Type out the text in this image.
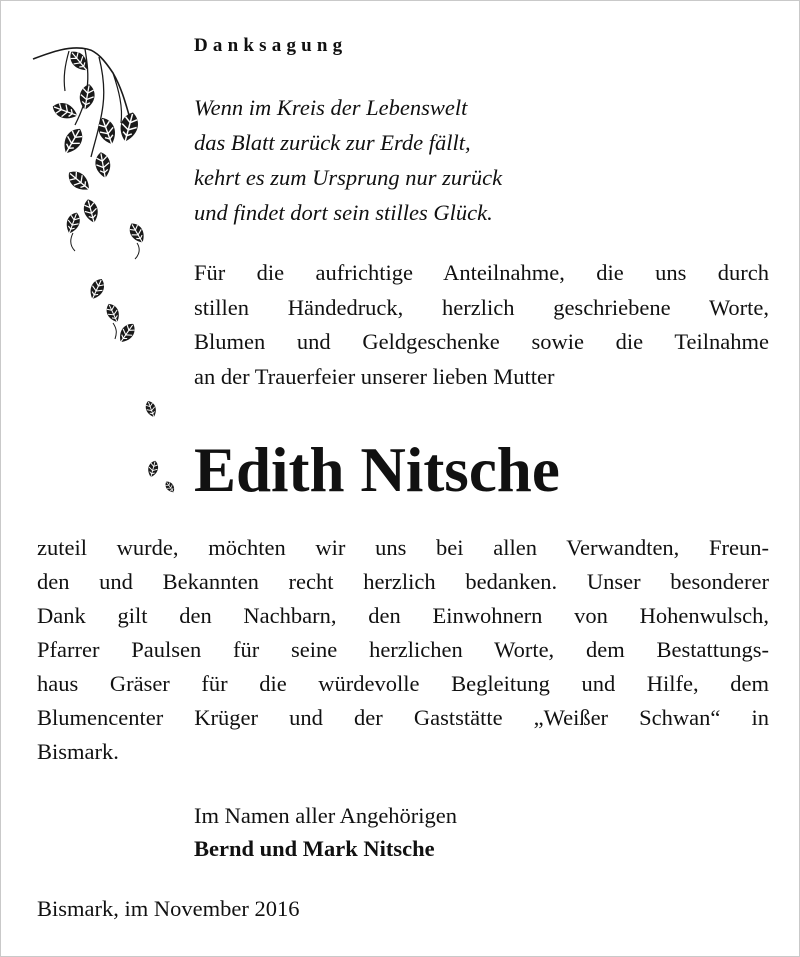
Danksagung
Wenn im Kreis der Lebenswelt
das Blatt zurück zur Erde fällt,
kehrt es zum Ursprung nur zurück
und findet dort sein stilles Glück.
Für die aufrichtige Anteilnahme, die uns durch
stillen Händedruck, herzlich geschriebene Worte,
Blumen und Geldgeschenke sowie die Teilnahme
an der Trauerfeier unserer lieben Mutter
Edith Nitsche
zuteil wurde, möchten wir uns bei allen Verwandten, Freun-
den und Bekannten recht herzlich bedanken. Unser besonderer
Dank gilt den Nachbarn, den Einwohnern von Hohenwulsch,
Pfarrer Paulsen für seine herzlichen Worte, dem Bestattungs-
haus Gräser für die würdevolle Begleitung und Hilfe, dem
Blumencenter Krüger und der Gaststätte „Weißer Schwan“ in
Bismark.
Im Namen aller Angehörigen
Bernd und Mark Nitsche
Bismark, im November 2016
